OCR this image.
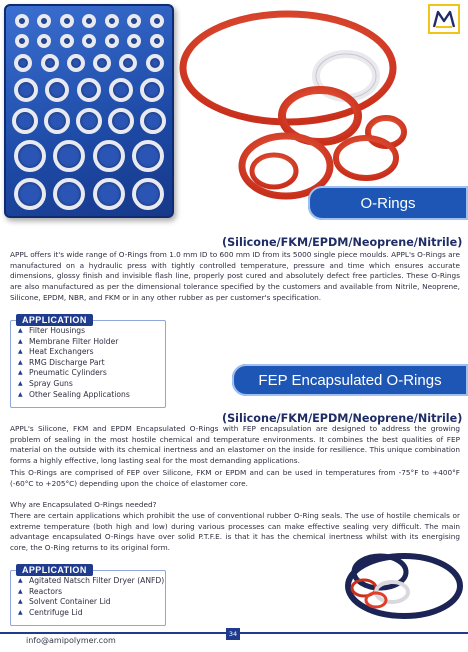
O-Rings
(Silicone/FKM/EPDM/Neoprene/Nitrile)

APPL offers it's wide range of O-Rings from 1.0 mm ID to 600 mm ID from its 5000 single piece moulds. APPL's O-Rings are manufactured on a hydraulic press with tightly controlled temperature, pressure and time which ensures accurate dimensions, glossy finish and invisible flash line, properly post cured and absolutely defect free particles. These O-Rings are also manufactured as per the dimensional tolerance specified by the customers and available from Nitrile, Neoprene, Silicone, EPDM, NBR, and FKM or in any other rubber as per customer's specification.

APPLICATION
▲ Filter Housings
▲ Membrane Filter Holder
▲ Heat Exchangers
▲ RMG Discharge Part
▲ Pneumatic Cylinders
▲ Spray Guns
▲ Other Sealing Applications
FEP Encapsulated O-Rings
(Silicone/FKM/EPDM/Neoprene/Nitrile)

APPL's Silicone, FKM and EPDM Encapsulated O-Rings with FEP encapsulation are designed to address the growing problem of sealing in the most hostile chemical and temperature environments. It combines the best qualities of FEP material on the outside with its chemical inertness and an elastomer on the inside for resilience. This unique combination forms a highly effective, long lasting seal for the most demanding applications.

This O-Rings are comprised of FEP over Silicone, FKM or EPDM and can be used in temperatures from -75°F to +400°F (-60°C to +205°C) depending upon the choice of elastomer core.

Why are Encapsulated O-Rings needed?

There are certain applications which prohibit the use of conventional rubber O-Ring seals. The use of hostile chemicals or extreme temperature (both high and low) during various processes can make effective sealing very difficult. The main advantage encapsulated O-Rings have over solid P.T.F.E. is that it has the chemical inertness whilst with its energising core, the O-Ring returns to its original form.

APPLICATION
▲ Agitated Natsch Filter Dryer (ANFD)
▲ Reactors
▲ Solvent Container Lid
▲ Centrifuge Lid
info@amipolymer.com
34
